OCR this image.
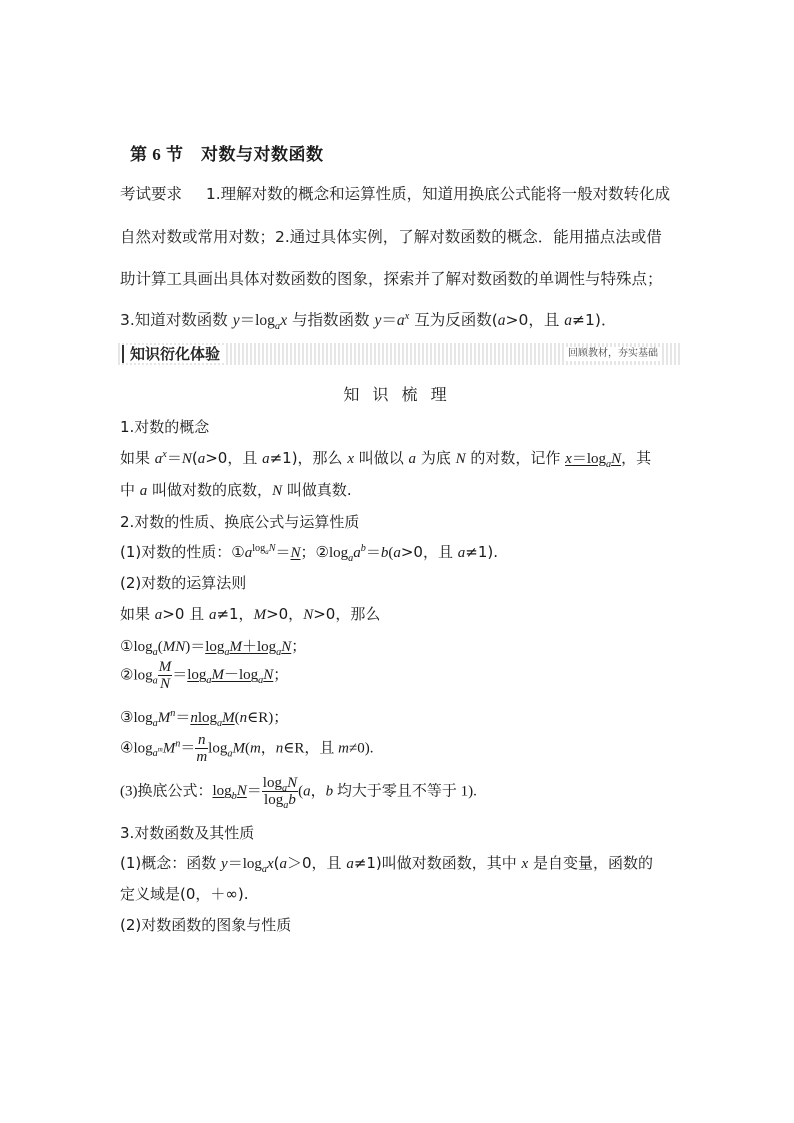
第 6 节　对数与对数函数
考试要求 1.理解对数的概念和运算性质，知道用换底公式能将一般对数转化成
自然对数或常用对数；2.通过具体实例，了解对数函数的概念．能用描点法或借
助计算工具画出具体对数函数的图象，探索并了解对数函数的单调性与特殊点；
3.知道对数函数 $y=\log_ax$ 与指数函数 $y=a^x$ 互为反函数(a>0，且 a≠1)．
知识衍化体验	回顾教材，夯实基础
知 识 梳 理
1.对数的概念
如果 $a^x=N(a>0$，且 a≠1)，那么 x 叫做以 a 为底 N 的对数，记作 $x=\log_aN$，其
中 a 叫做对数的底数，N 叫做真数.
2.对数的性质、换底公式与运算性质
(1)对数的性质：$①a^{log_aN}=N$；$②\log_aa^b=b(a>0$，且 a≠1).
(2)对数的运算法则
如果 a>0 且 a≠1，M>0，N>0，那么
$①\log_a(MN)=\log_aM+\log_aN$；
$②\log_a \frac{M}{N} =\log_aM-\log_aN$；
$③\log_aM^n=nlog_aM(n\in R)$；
$④\log_{a^m}M^n= \frac{n}{m} \log_aM(m$，n∈R，且 m≠0).
(3)换底公式：$\log_bN= \frac{\log_aN}{\log_ab} (a$，b 均大于零且不等于 1).
3.对数函数及其性质
(1)概念：函数 $y=\log_ax(a>0$，且 a≠1)叫做对数函数，其中 x 是自变量，函数的
定义域是(0，＋∞).
(2)对数函数的图象与性质
